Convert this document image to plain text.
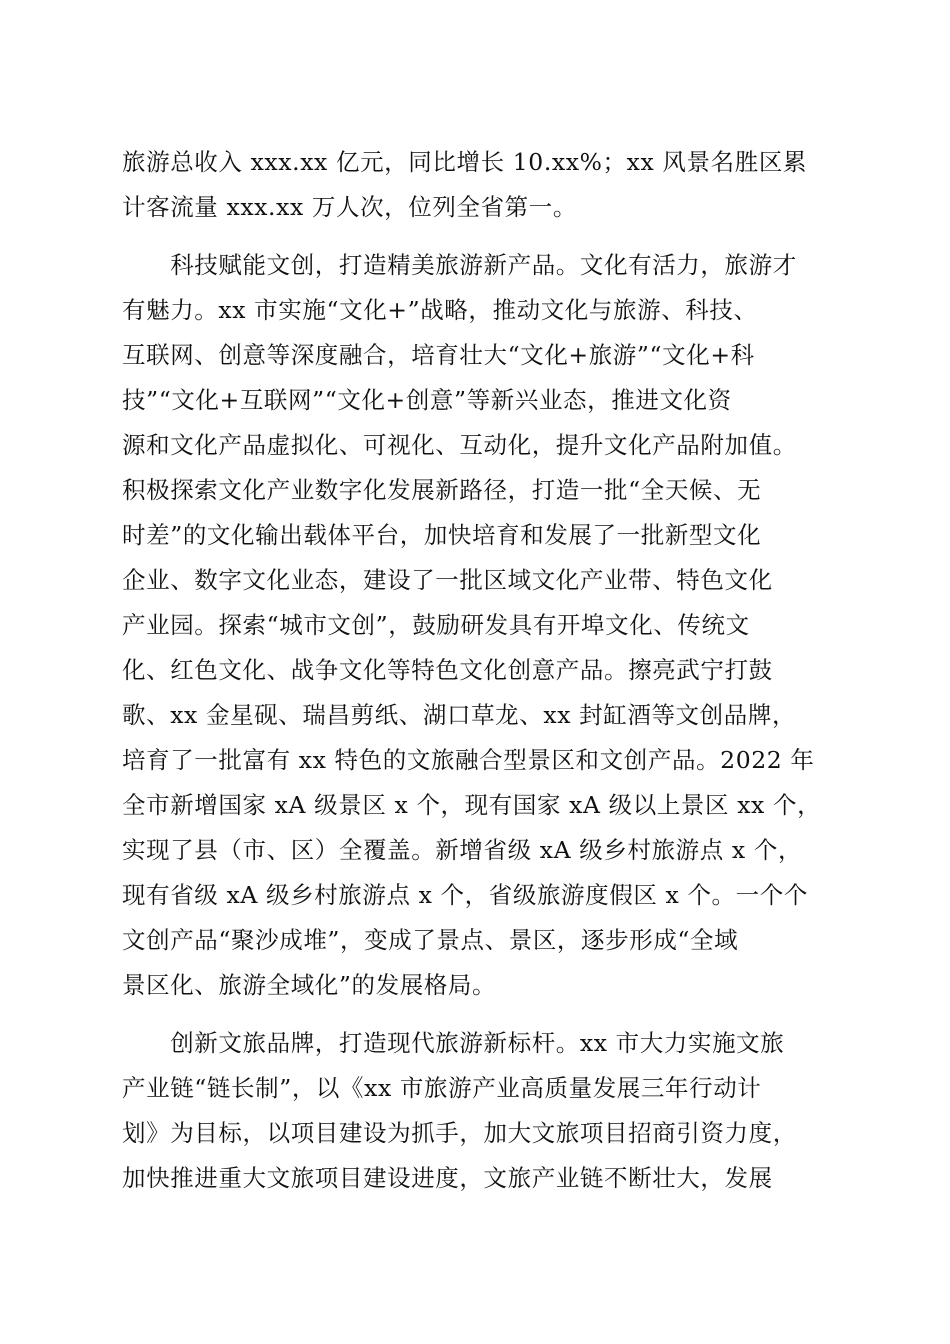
旅游总收入 xxx.xx 亿元，同比增长 10.xx%；xx 风景名胜区累
计客流量 xxx.xx 万人次，位列全省第一。
　　科技赋能文创，打造精美旅游新产品。文化有活力，旅游才
有魅力。xx 市实施“文化+”战略，推动文化与旅游、科技、
互联网、创意等深度融合，培育壮大“文化+旅游”“文化+科
技”“文化+互联网”“文化+创意”等新兴业态，推进文化资
源和文化产品虚拟化、可视化、互动化，提升文化产品附加值。
积极探索文化产业数字化发展新路径，打造一批“全天候、无
时差”的文化输出载体平台，加快培育和发展了一批新型文化
企业、数字文化业态，建设了一批区域文化产业带、特色文化
产业园。探索“城市文创”，鼓励研发具有开埠文化、传统文
化、红色文化、战争文化等特色文化创意产品。擦亮武宁打鼓
歌、xx 金星砚、瑞昌剪纸、湖口草龙、xx 封缸酒等文创品牌，
培育了一批富有 xx 特色的文旅融合型景区和文创产品。2022 年
全市新增国家 xA 级景区 x 个，现有国家 xA 级以上景区 xx 个，
实现了县（市、区）全覆盖。新增省级 xA 级乡村旅游点 x 个，
现有省级 xA 级乡村旅游点 x 个，省级旅游度假区 x 个。一个个
文创产品“聚沙成堆”，变成了景点、景区，逐步形成“全域
景区化、旅游全域化”的发展格局。
　　创新文旅品牌，打造现代旅游新标杆。xx 市大力实施文旅
产业链“链长制”，以《xx 市旅游产业高质量发展三年行动计
划》为目标，以项目建设为抓手，加大文旅项目招商引资力度，
加快推进重大文旅项目建设进度，文旅产业链不断壮大，发展
